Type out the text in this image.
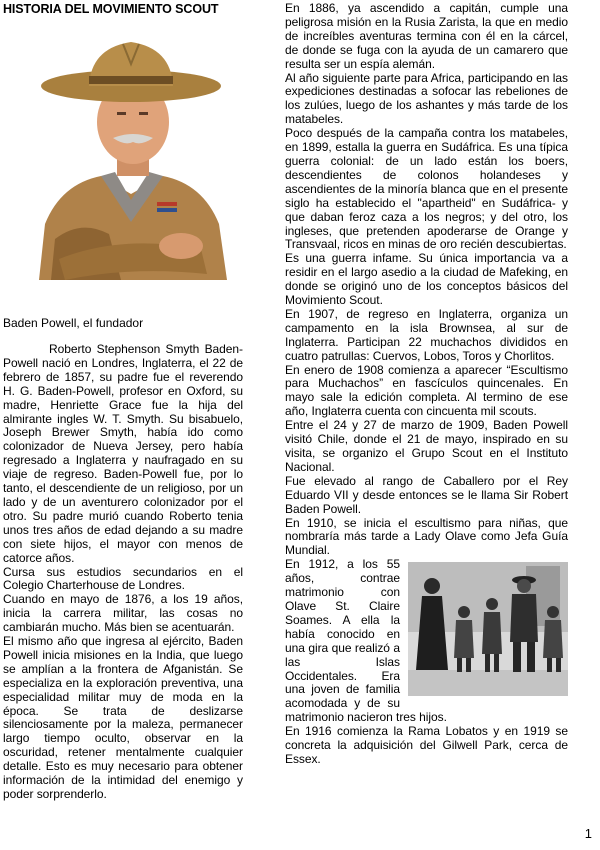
HISTORIA DEL MOVIMIENTO SCOUT

Baden Powell, el fundador

Roberto Stephenson Smyth Baden-Powell nació en Londres, Inglaterra, el 22 de febrero de 1857, su padre fue el reverendo H. G. Baden-Powell, profesor en Oxford, su madre, Henriette Grace fue la hija del almirante ingles W. T. Smyth. Su bisabuelo, Joseph Brewer Smyth, había ido como colonizador de Nueva Jersey, pero había regresado a Inglaterra y naufragado en su viaje de regreso. Baden-Powell fue, por lo tanto, el descendiente de un religioso, por un lado y de un aventurero colonizador por el otro. Su padre murió cuando Roberto tenia unos tres años de edad dejando a su madre con siete hijos, el mayor con menos de catorce años.

Cursa sus estudios secundarios en el Colegio Charterhouse de Londres.

Cuando en mayo de 1876, a los 19 años, inicia la carrera militar, las cosas no cambiarán mucho. Más bien se acentuarán.

El mismo año que ingresa al ejército, Baden Powell inicia misiones en la India, que luego se amplían a la frontera de Afganistán. Se especializa en la exploración preventiva, una especialidad militar muy de moda en la época. Se trata de deslizarse silenciosamente por la maleza, permanecer largo tiempo oculto, observar en la oscuridad, retener mentalmente cualquier detalle. Esto es muy necesario para obtener información de la intimidad del enemigo y poder sorprenderlo.

En 1886, ya ascendido a capitán, cumple una peligrosa misión en la Rusia Zarista, la que en medio de increíbles aventuras termina con él en la cárcel, de donde se fuga con la ayuda de un camarero que resulta ser un espía alemán.

Al año siguiente parte para Africa, participando en las expediciones destinadas a sofocar las rebeliones de los zulúes, luego de los ashantes y más tarde de los matabeles.

Poco después de la campaña contra los matabeles, en 1899, estalla la guerra en Sudáfrica. Es una típica guerra colonial: de un lado están los boers, descendientes de colonos holandeses y ascendientes de la minoría blanca que en el presente siglo ha establecido el "apartheid" en Sudáfrica- y que daban feroz caza a los negros; y del otro, los ingleses, que pretenden apoderarse de Orange y Transvaal, ricos en minas de oro recién descubiertas.

Es una guerra infame. Su única importancia va a residir en el largo asedio a la ciudad de Mafeking, en donde se originó uno de los conceptos básicos del Movimiento Scout.

En 1907, de regreso en Inglaterra, organiza un campamento en la isla Brownsea, al sur de Inglaterra. Participan 22 muchachos divididos en cuatro patrullas: Cuervos, Lobos, Toros y Chorlitos.

En enero de 1908 comienza a aparecer “Escultismo para Muchachos” en fascículos quincenales. En mayo sale la edición completa. Al termino de ese año, Inglaterra cuenta con cincuenta mil scouts.

Entre el 24 y 27 de marzo de 1909, Baden Powell visitó Chile, donde el 21 de mayo, inspirado en su visita, se organizo el Grupo Scout en el Instituto Nacional.

Fue elevado al rango de Caballero por el Rey Eduardo VII y desde entonces se le llama Sir Robert Baden Powell.

En 1910, se inicia el escultismo para niñas, que nombraría más tarde a Lady Olave como Jefa Guía Mundial.

En 1912, a los 55 años, contrae matrimonio con Olave St. Claire Soames. A ella la había conocido en una gira que realizó a las Islas Occidentales. Era una joven de familia acomodada y de su matrimonio nacieron tres hijos.

En 1916 comienza la Rama Lobatos y en 1919 se concreta la adquisición del Gilwell Park, cerca de Essex.

1
